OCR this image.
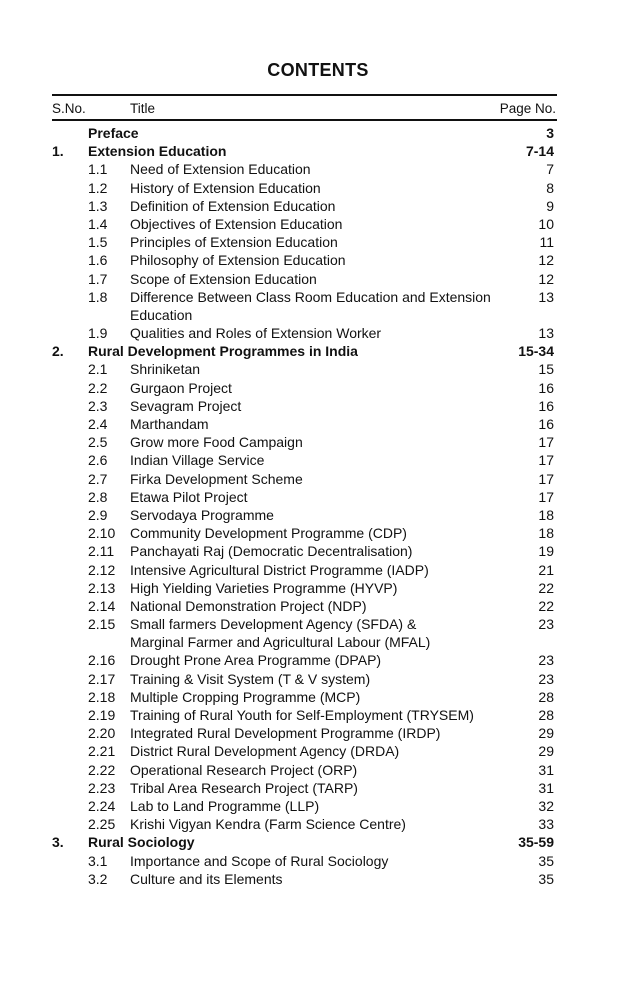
CONTENTS
S.No.	Title	Page No.
Preface	3
1. Extension Education	7-14
1.1 Need of Extension Education	7
1.2 History of Extension Education	8
1.3 Definition of Extension Education	9
1.4 Objectives of Extension Education	10
1.5 Principles of Extension Education	11
1.6 Philosophy of Extension Education	12
1.7 Scope of Extension Education	12
1.8 Difference Between Class Room Education and Extension	13
Education
1.9 Qualities and Roles of Extension Worker	13
2. Rural Development Programmes in India	15-34
2.1 Shriniketan	15
2.2 Gurgaon Project	16
2.3 Sevagram Project	16
2.4 Marthandam	16
2.5 Grow more Food Campaign	17
2.6 Indian Village Service	17
2.7 Firka Development Scheme	17
2.8 Etawa Pilot Project	17
2.9 Servodaya Programme	18
2.10 Community Development Programme (CDP)	18
2.11 Panchayati Raj (Democratic Decentralisation)	19
2.12 Intensive Agricultural District Programme (IADP)	21
2.13 High Yielding Varieties Programme (HYVP)	22
2.14 National Demonstration Project (NDP)	22
2.15 Small farmers Development Agency (SFDA) &	23
Marginal Farmer and Agricultural Labour (MFAL)
2.16 Drought Prone Area Programme (DPAP)	23
2.17 Training & Visit System (T & V system)	23
2.18 Multiple Cropping Programme (MCP)	28
2.19 Training of Rural Youth for Self-Employment (TRYSEM)	28
2.20 Integrated Rural Development Programme (IRDP)	29
2.21 District Rural Development Agency (DRDA)	29
2.22 Operational Research Project (ORP)	31
2.23 Tribal Area Research Project (TARP)	31
2.24 Lab to Land Programme (LLP)	32
2.25 Krishi Vigyan Kendra (Farm Science Centre)	33
3. Rural Sociology	35-59
3.1 Importance and Scope of Rural Sociology	35
3.2 Culture and its Elements	35
